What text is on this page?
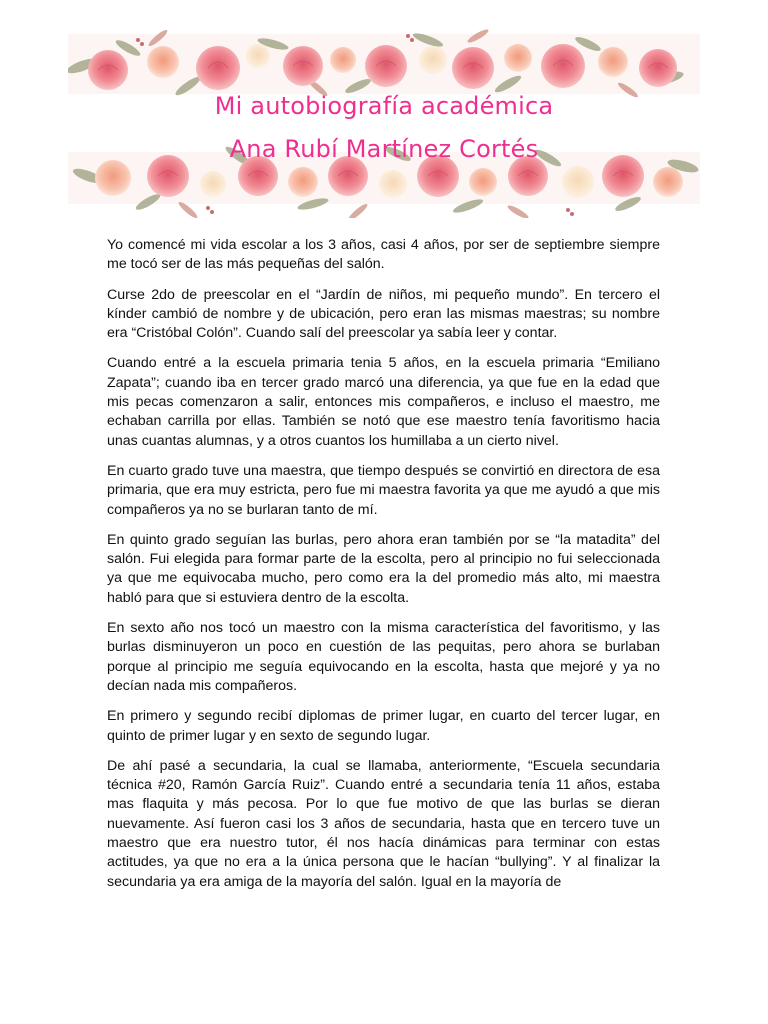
Mi autobiografía académica
Ana Rubí Martínez Cortés

Yo comencé mi vida escolar a los 3 años, casi 4 años, por ser de septiembre siempre me tocó ser de las más pequeñas del salón.

Curse 2do de preescolar en el “Jardín de niños, mi pequeño mundo”. En tercero el kínder cambió de nombre y de ubicación, pero eran las mismas maestras; su nombre era “Cristóbal Colón”. Cuando salí del preescolar ya sabía leer y contar.

Cuando entré a la escuela primaria tenia 5 años, en la escuela primaria “Emiliano Zapata”; cuando iba en tercer grado marcó una diferencia, ya que fue en la edad que mis pecas comenzaron a salir, entonces mis compañeros, e incluso el maestro, me echaban carrilla por ellas. También se notó que ese maestro tenía favoritismo hacia unas cuantas alumnas, y a otros cuantos los humillaba a un cierto nivel.

En cuarto grado tuve una maestra, que tiempo después se convirtió en directora de esa primaria, que era muy estricta, pero fue mi maestra favorita ya que me ayudó a que mis compañeros ya no se burlaran tanto de mí.

En quinto grado seguían las burlas, pero ahora eran también por se “la matadita” del salón. Fui elegida para formar parte de la escolta, pero al principio no fui seleccionada ya que me equivocaba mucho, pero como era la del promedio más alto, mi maestra habló para que si estuviera dentro de la escolta.

En sexto año nos tocó un maestro con la misma característica del favoritismo, y las burlas disminuyeron un poco en cuestión de las pequitas, pero ahora se burlaban porque al principio me seguía equivocando en la escolta, hasta que mejoré y ya no decían nada mis compañeros.

En primero y segundo recibí diplomas de primer lugar, en cuarto del tercer lugar, en quinto de primer lugar y en sexto de segundo lugar.

De ahí pasé a secundaria, la cual se llamaba, anteriormente, “Escuela secundaria técnica #20, Ramón García Ruiz”. Cuando entré a secundaria tenía 11 años, estaba mas flaquita y más pecosa. Por lo que fue motivo de que las burlas se dieran nuevamente. Así fueron casi los 3 años de secundaria, hasta que en tercero tuve un maestro que era nuestro tutor, él nos hacía dinámicas para terminar con estas actitudes, ya que no era a la única persona que le hacían “bullying”. Y al finalizar la secundaria ya era amiga de la mayoría del salón. Igual en la mayoría de
